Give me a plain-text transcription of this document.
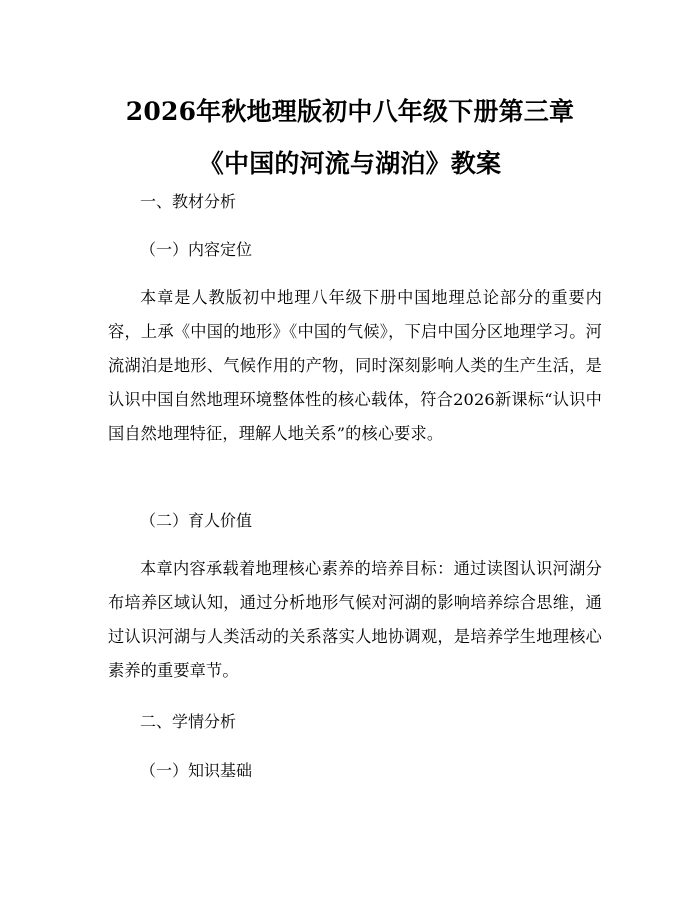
2026年秋地理版初中八年级下册第三章《中国的河流与湖泊》教案

一、教材分析

（一）内容定位

本章是人教版初中地理八年级下册中国地理总论部分的重要内容，上承《中国的地形》《中国的气候》，下启中国分区地理学习。河流湖泊是地形、气候作用的产物，同时深刻影响人类的生产生活，是认识中国自然地理环境整体性的核心载体，符合2026新课标“认识中国自然地理特征，理解人地关系”的核心要求。

（二）育人价值

本章内容承载着地理核心素养的培养目标：通过读图认识河湖分布培养区域认知，通过分析地形气候对河湖的影响培养综合思维，通过认识河湖与人类活动的关系落实人地协调观，是培养学生地理核心素养的重要章节。

二、学情分析

（一）知识基础
